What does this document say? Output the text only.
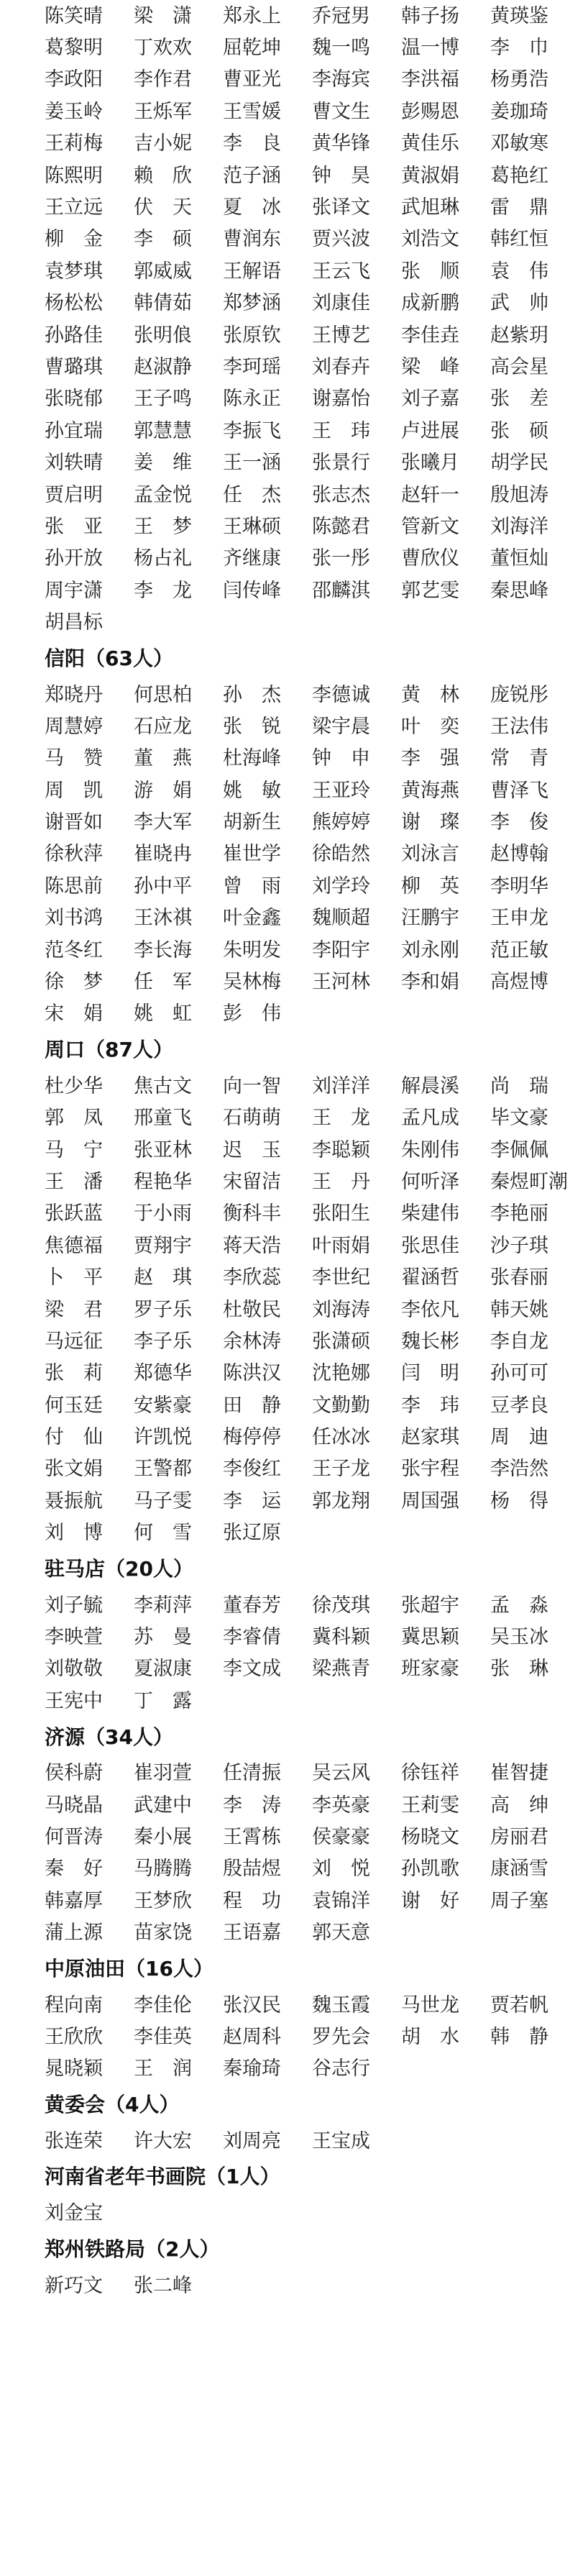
陈笑晴	梁　潇	郑永上	乔冠男	韩子扬	黄瑛鉴
葛黎明	丁欢欢	屈乾坤	魏一鸣	温一博	李　巾
李政阳	李作君	曹亚光	李海宾	李洪福	杨勇浩
姜玉岭	王烁军	王雪媛	曹文生	彭赐恩	姜珈琦
王莉梅	吉小妮	李　良	黄华锋	黄佳乐	邓敏寒
陈熙明	赖　欣	范子涵	钟　昊	黄淑娟	葛艳红
王立远	伏　天	夏　冰	张译文	武旭琳	雷　鼎
柳　金	李　硕	曹润东	贾兴波	刘浩文	韩红恒
袁梦琪	郭威威	王解语	王云飞	张　顺	袁　伟
杨松松	韩倩茹	郑梦涵	刘康佳	成新鹏	武　帅
孙路佳	张明俍	张原钦	王博艺	李佳垚	赵紫玥
曹璐琪	赵淑静	李珂瑶	刘春卉	梁　峰	高会星
张晓郁	王子鸣	陈永正	谢嘉怡	刘子嘉	张　差
孙宜瑞	郭慧慧	李振飞	王　玮	卢进展	张　硕
刘轶晴	姜　维	王一涵	张景行	张曦月	胡学民
贾启明	孟金悦	任　杰	张志杰	赵轩一	殷旭涛
张　亚	王　梦	王琳硕	陈懿君	管新文	刘海洋
孙开放	杨占礼	齐继康	张一彤	曹欣仪	董恒灿
周宇潇	李　龙	闫传峰	邵麟淇	郭艺雯	秦思峰
胡昌标
信阳（63人）
郑晓丹	何思柏	孙　杰	李德诚	黄　林	庞锐彤
周慧婷	石应龙	张　锐	梁宇晨	叶　奕	王法伟
马　赞	董　燕	杜海峰	钟　申	李　强	常　青
周　凯	游　娟	姚　敏	王亚玲	黄海燕	曹泽飞
谢晋如	李大军	胡新生	熊婷婷	谢　璨	李　俊
徐秋萍	崔晓冉	崔世学	徐皓然	刘泳言	赵博翰
陈思前	孙中平	曾　雨	刘学玲	柳　英	李明华
刘书鸿	王沐祺	叶金鑫	魏顺超	汪鹏宇	王申龙
范冬红	李长海	朱明发	李阳宇	刘永刚	范正敏
徐　梦	任　军	吴林梅	王河林	李和娟	高煜博
宋　娟	姚　虹	彭　伟
周口（87人）
杜少华	焦古文	向一智	刘洋洋	解晨溪	尚　瑞
郭　凤	邢童飞	石萌萌	王　龙	孟凡成	毕文豪
马　宁	张亚林	迟　玉	李聪颖	朱刚伟	李佩佩
王　潘	程艳华	宋留洁	王　丹	何听泽	秦煜町潮
张跃蓝	于小雨	衡科丰	张阳生	柴建伟	李艳丽
焦德福	贾翔宇	蒋天浩	叶雨娟	张思佳	沙子琪
卜　平	赵　琪	李欣蕊	李世纪	翟涵哲	张春丽
梁　君	罗子乐	杜敬民	刘海涛	李依凡	韩天姚
马远征	李子乐	余林涛	张潇硕	魏长彬	李自龙
张　莉	郑德华	陈洪汉	沈艳娜	闫　明	孙可可
何玉廷	安紫豪	田　静	文勤勤	李　玮	豆孝良
付　仙	许凯悦	梅停停	任冰冰	赵家琪	周　迪
张文娟	王警都	李俊红	王子龙	张宇程	李浩然
聂振航	马子雯	李　运	郭龙翔	周国强	杨　得
刘　博	何　雪	张辽原
驻马店（20人）
刘子毓	李莉萍	董春芳	徐茂琪	张超宇	孟　淼
李映萱	苏　曼	李睿倩	冀科颖	冀思颖	吴玉冰
刘敬敬	夏淑康	李文成	梁燕青	班家豪	张　琳
王宪中	丁　露
济源（34人）
侯科蔚	崔羽萱	任清振	吴云风	徐钰祥	崔智捷
马晓晶	武建中	李　涛	李英豪	王莉雯	高　绅
何晋涛	秦小展	王霄栋	侯豪豪	杨晓文	房丽君
秦　好	马腾腾	殷喆煜	刘　悦	孙凯歌	康涵雪
韩嘉厚	王梦欣	程　功	袁锦洋	谢　好	周子塞
蒲上源	苗家饶	王语嘉	郭天意
中原油田（16人）
程向南	李佳伦	张汉民	魏玉霞	马世龙	贾若帆
王欣欣	李佳英	赵周科	罗先会	胡　水	韩　静
晁晓颖	王　润	秦瑜琦	谷志行
黄委会（4人）
张连荣	许大宏	刘周亮	王宝成
河南省老年书画院（1人）
刘金宝
郑州铁路局（2人）
新巧文	张二峰
